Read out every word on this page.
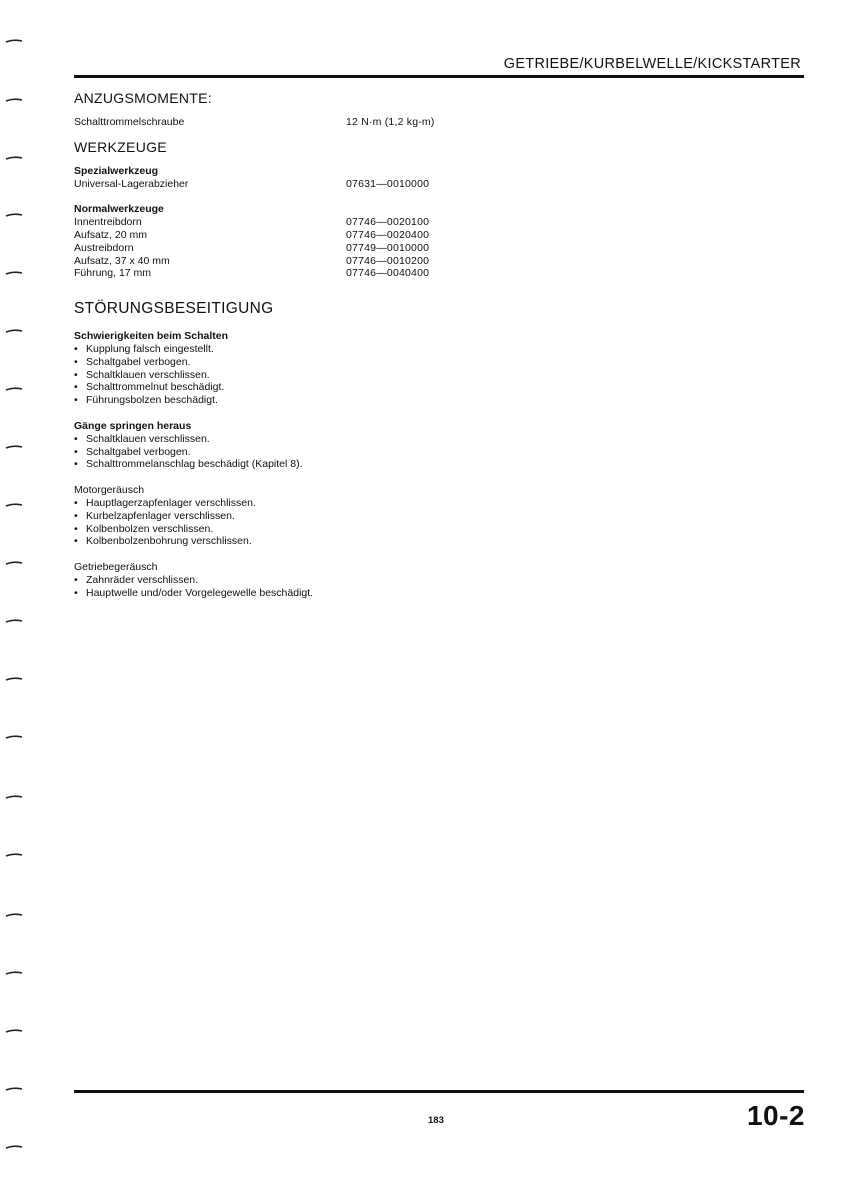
GETRIEBE/KURBELWELLE/KICKSTARTER
ANZUGSMOMENTE:
Schalttrommelschraube	12 N·m (1,2 kg-m)
WERKZEUGE
Spezialwerkzeug
Universal-Lagerabzieher	07631—0010000
Normalwerkzeuge
Innentreibdorn	07746—0020100
Aufsatz, 20 mm	07746—0020400
Austreibdorn	07749—0010000
Aufsatz, 37 x 40 mm	07746—0010200
Führung, 17 mm	07746—0040400
STÖRUNGSBESEITIGUNG
Schwierigkeiten beim Schalten
• Kupplung falsch eingestellt.
• Schaltgabel verbogen.
• Schaltklauen verschlissen.
• Schalttrommelnut beschädigt.
• Führungsbolzen beschädigt.
Gänge springen heraus
• Schaltklauen verschlissen.
• Schaltgabel verbogen.
• Schalttrommelanschlag beschädigt (Kapitel 8).
Motorgeräusch
• Hauptlagerzapfenlager verschlissen.
• Kurbelzapfenlager verschlissen.
• Kolbenbolzen verschlissen.
• Kolbenbolzenbohrung verschlissen.
Getriebegeräusch
• Zahnräder verschlissen.
• Hauptwelle und/oder Vorgelegewelle beschädigt.
183	10-2
